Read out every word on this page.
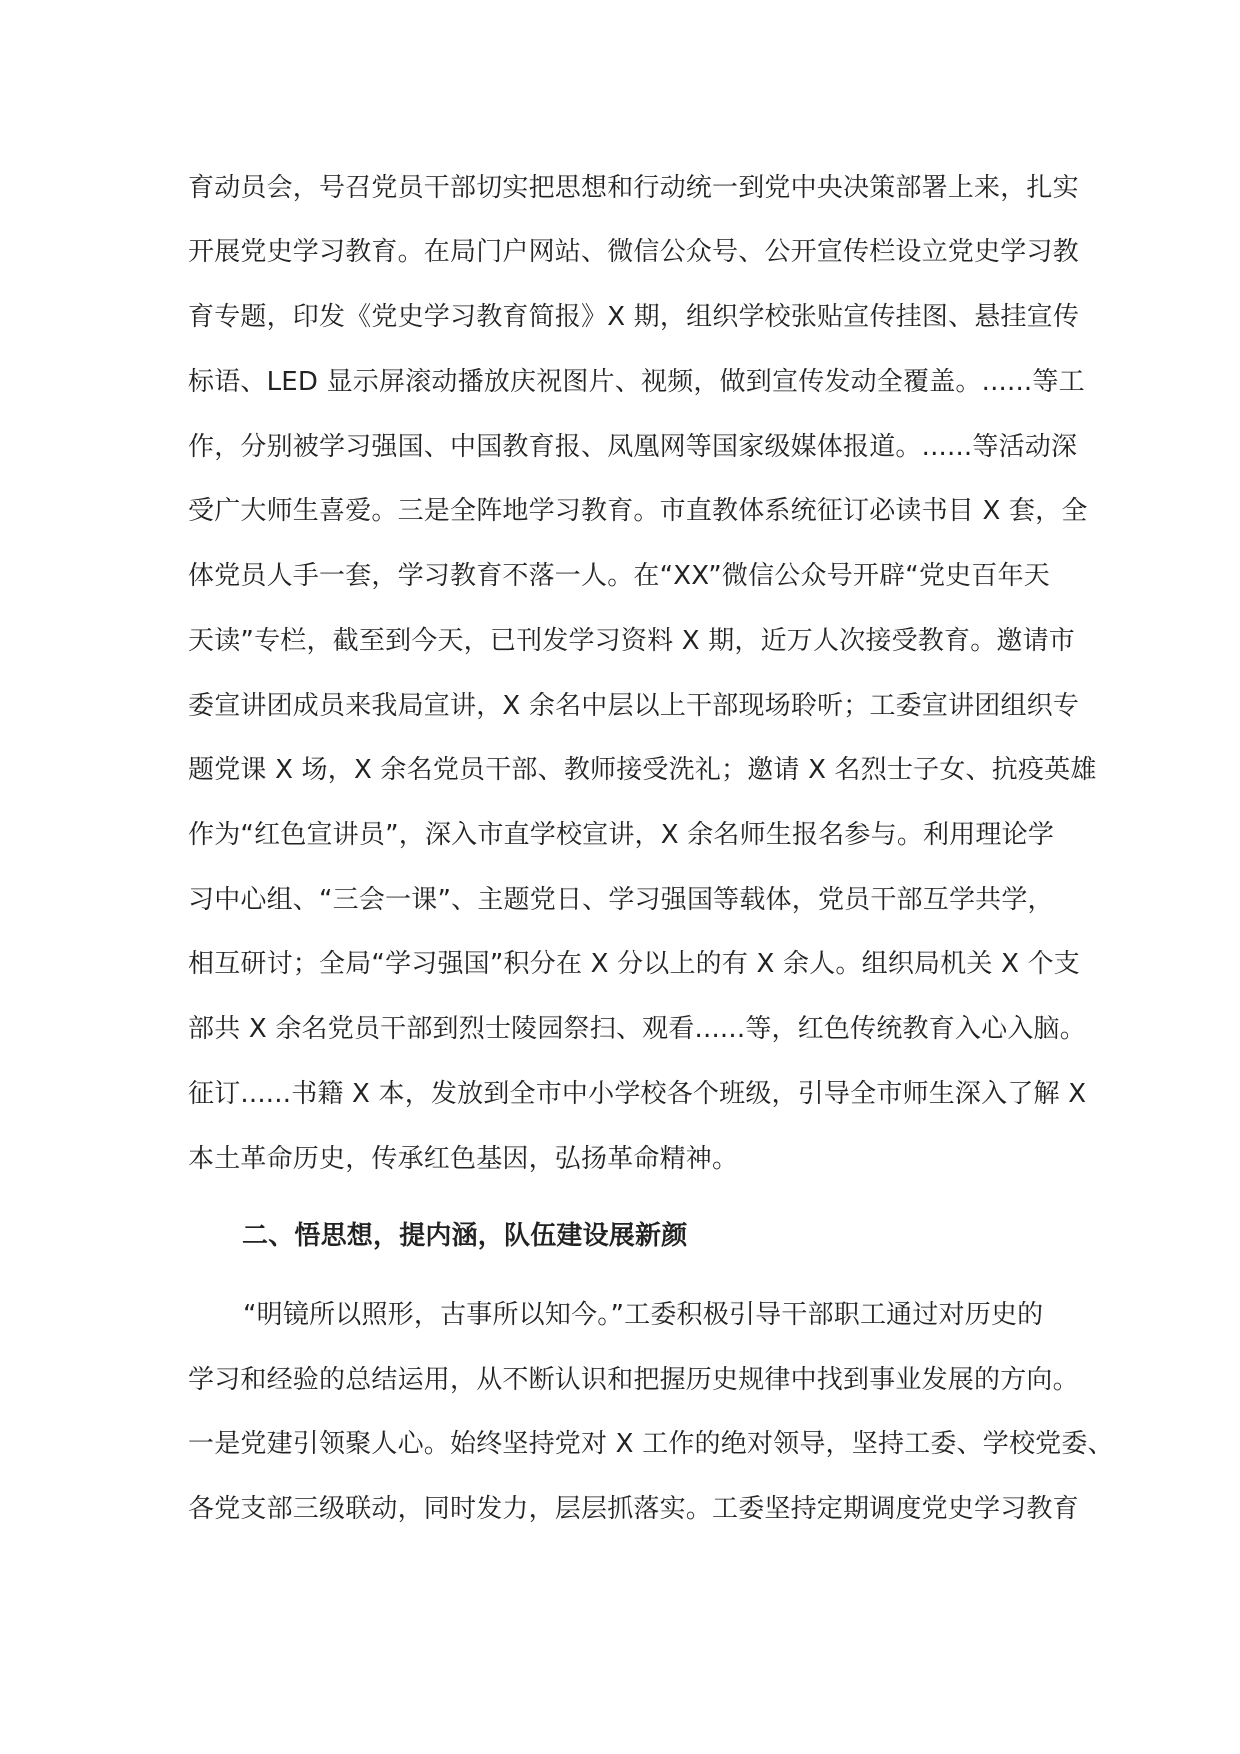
育动员会，号召党员干部切实把思想和行动统一到党中央决策部署上来，扎实
开展党史学习教育。在局门户网站、微信公众号、公开宣传栏设立党史学习教
育专题，印发《党史学习教育简报》X 期，组织学校张贴宣传挂图、悬挂宣传
标语、LED 显示屏滚动播放庆祝图片、视频，做到宣传发动全覆盖。......等工
作，分别被学习强国、中国教育报、凤凰网等国家级媒体报道。......等活动深
受广大师生喜爱。三是全阵地学习教育。市直教体系统征订必读书目 X 套，全
体党员人手一套，学习教育不落一人。在“XX”微信公众号开辟“党史百年天
天读”专栏，截至到今天，已刊发学习资料 X 期，近万人次接受教育。邀请市
委宣讲团成员来我局宣讲，X 余名中层以上干部现场聆听；工委宣讲团组织专
题党课 X 场，X 余名党员干部、教师接受洗礼；邀请 X 名烈士子女、抗疫英雄
作为“红色宣讲员”，深入市直学校宣讲，X 余名师生报名参与。利用理论学
习中心组、“三会一课”、主题党日、学习强国等载体，党员干部互学共学，
相互研讨；全局“学习强国”积分在 X 分以上的有 X 余人。组织局机关 X 个支
部共 X 余名党员干部到烈士陵园祭扫、观看......等，红色传统教育入心入脑。
征订......书籍 X 本，发放到全市中小学校各个班级，引导全市师生深入了解 X
本土革命历史，传承红色基因，弘扬革命精神。
二、悟思想，提内涵，队伍建设展新颜
“明镜所以照形，古事所以知今。”工委积极引导干部职工通过对历史的
学习和经验的总结运用，从不断认识和把握历史规律中找到事业发展的方向。
一是党建引领聚人心。始终坚持党对 X 工作的绝对领导，坚持工委、学校党委、
各党支部三级联动，同时发力，层层抓落实。工委坚持定期调度党史学习教育
